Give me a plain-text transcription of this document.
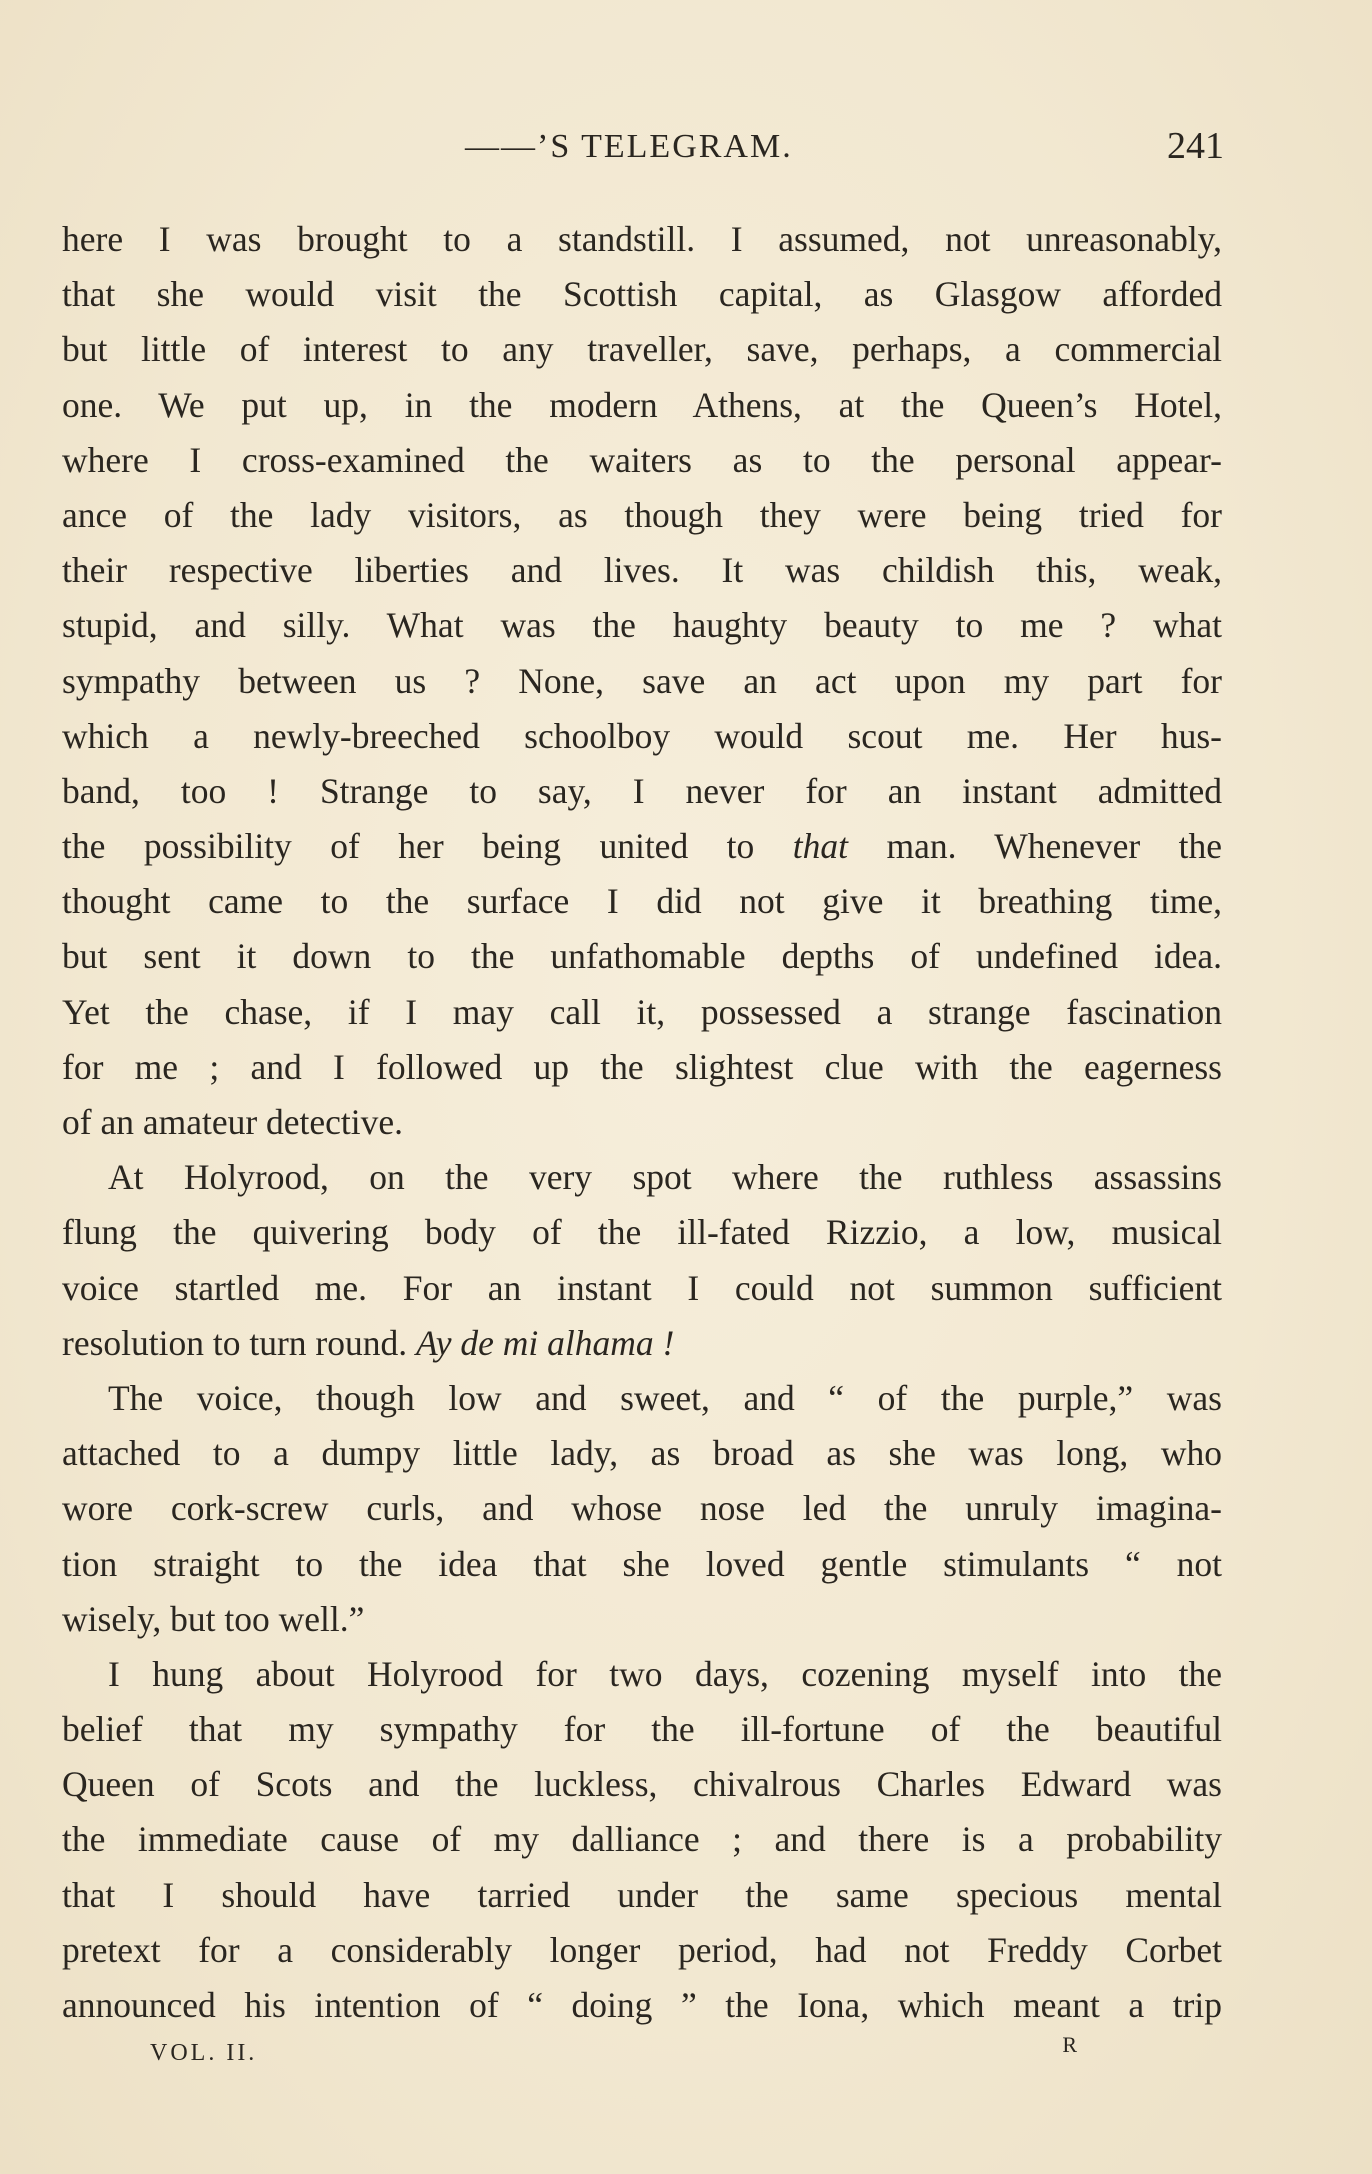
——’S TELEGRAM.	241
here I was brought to a standstill. I assumed, not unreasonably,
that she would visit the Scottish capital, as Glasgow afforded
but little of interest to any traveller, save, perhaps, a commercial
one. We put up, in the modern Athens, at the Queen’s Hotel,
where I cross-examined the waiters as to the personal appear-
ance of the lady visitors, as though they were being tried for
their respective liberties and lives. It was childish this, weak,
stupid, and silly. What was the haughty beauty to me ? what
sympathy between us ? None, save an act upon my part for
which a newly-breeched schoolboy would scout me. Her hus-
band, too ! Strange to say, I never for an instant admitted
the possibility of her being united to that man. Whenever the
thought came to the surface I did not give it breathing time,
but sent it down to the unfathomable depths of undefined idea.
Yet the chase, if I may call it, possessed a strange fascination
for me ; and I followed up the slightest clue with the eagerness
of an amateur detective.
At Holyrood, on the very spot where the ruthless assassins
flung the quivering body of the ill-fated Rizzio, a low, musical
voice startled me. For an instant I could not summon sufficient
resolution to turn round. Ay de mi alhama !
The voice, though low and sweet, and “ of the purple,” was
attached to a dumpy little lady, as broad as she was long, who
wore cork-screw curls, and whose nose led the unruly imagina-
tion straight to the idea that she loved gentle stimulants “ not
wisely, but too well.”
I hung about Holyrood for two days, cozening myself into the
belief that my sympathy for the ill-fortune of the beautiful
Queen of Scots and the luckless, chivalrous Charles Edward was
the immediate cause of my dalliance ; and there is a probability
that I should have tarried under the same specious mental
pretext for a considerably longer period, had not Freddy Corbet
announced his intention of “ doing ” the Iona, which meant a trip
VOL. II.	R
